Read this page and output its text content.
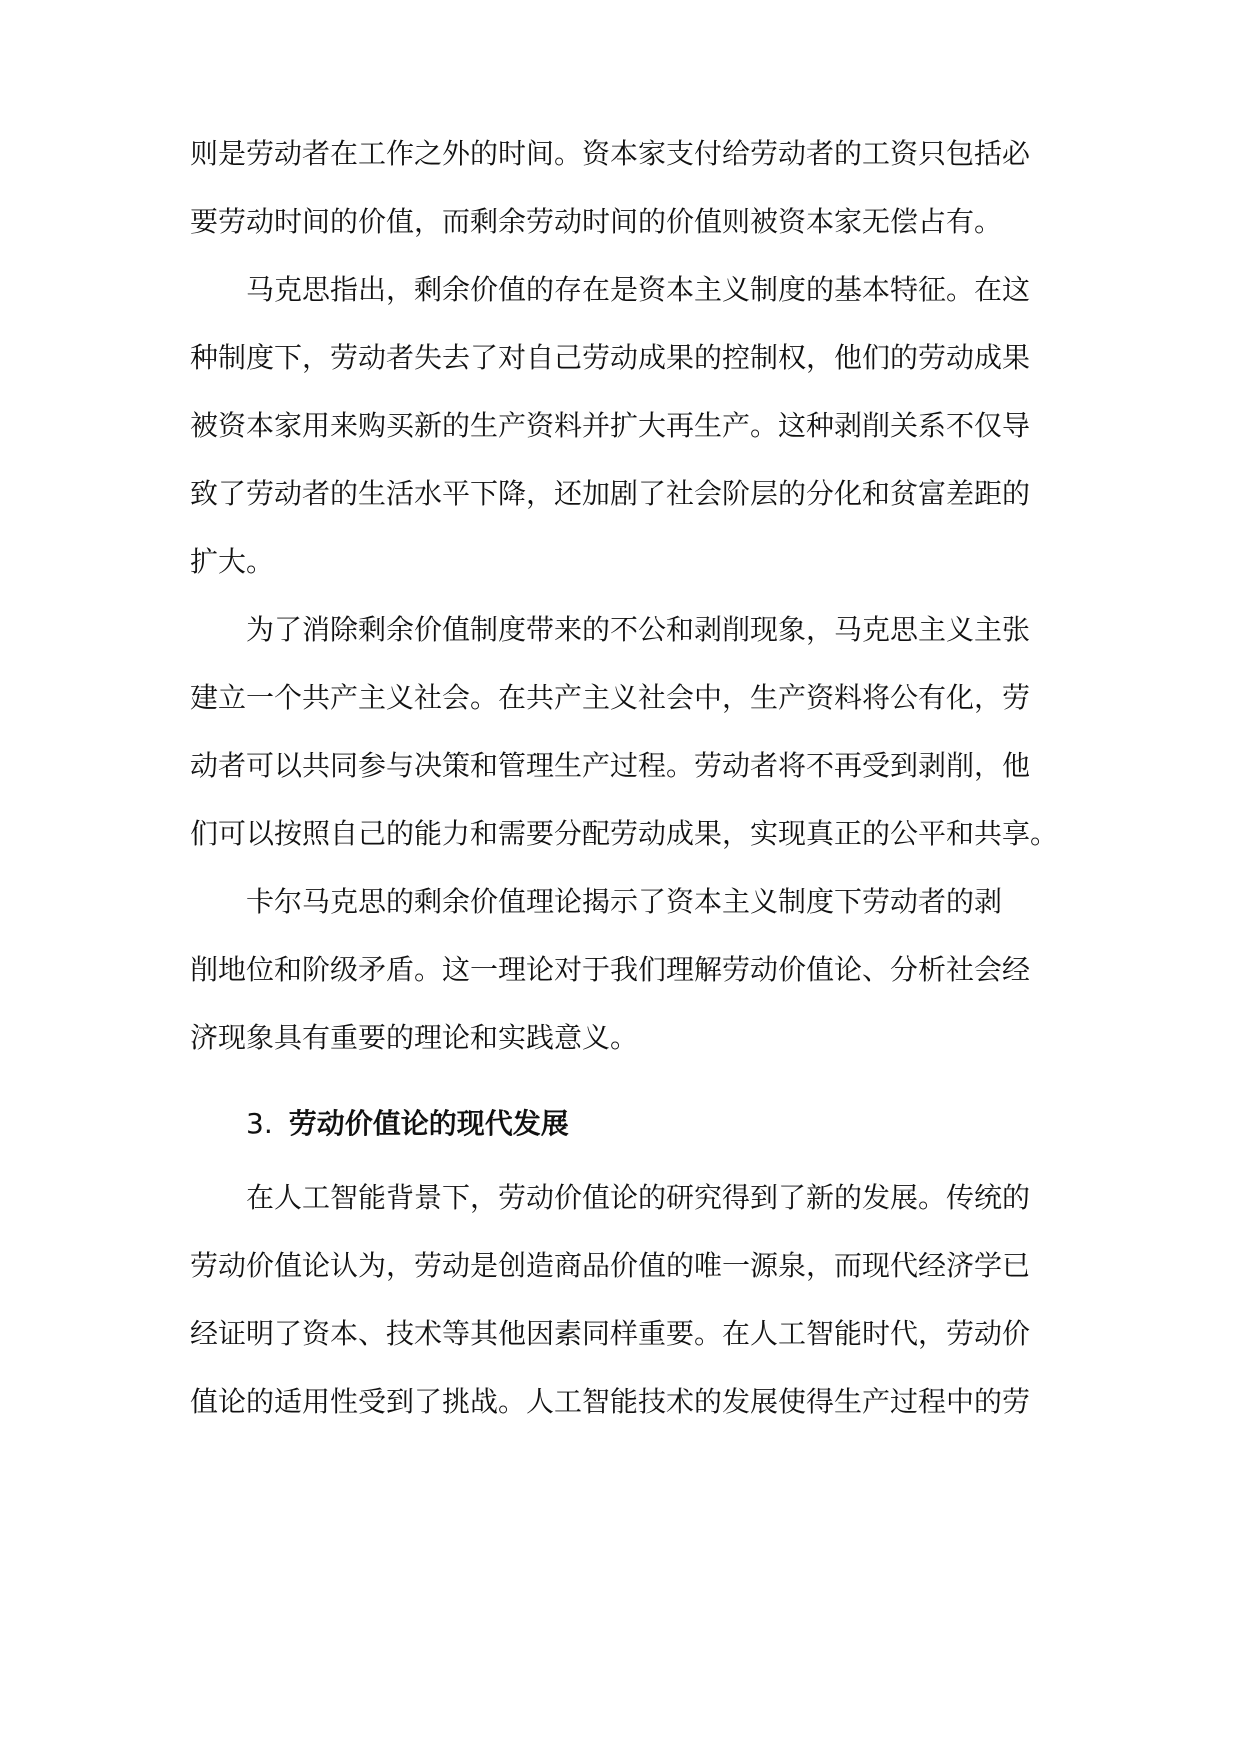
则是劳动者在工作之外的时间。资本家支付给劳动者的工资只包括必
要劳动时间的价值，而剩余劳动时间的价值则被资本家无偿占有。
马克思指出，剩余价值的存在是资本主义制度的基本特征。在这
种制度下，劳动者失去了对自己劳动成果的控制权，他们的劳动成果
被资本家用来购买新的生产资料并扩大再生产。这种剥削关系不仅导
致了劳动者的生活水平下降，还加剧了社会阶层的分化和贫富差距的
扩大。
为了消除剩余价值制度带来的不公和剥削现象，马克思主义主张
建立一个共产主义社会。在共产主义社会中，生产资料将公有化，劳
动者可以共同参与决策和管理生产过程。劳动者将不再受到剥削，他
们可以按照自己的能力和需要分配劳动成果，实现真正的公平和共享。
卡尔马克思的剩余价值理论揭示了资本主义制度下劳动者的剥
削地位和阶级矛盾。这一理论对于我们理解劳动价值论、分析社会经
济现象具有重要的理论和实践意义。
3. 劳动价值论的现代发展
在人工智能背景下，劳动价值论的研究得到了新的发展。传统的
劳动价值论认为，劳动是创造商品价值的唯一源泉，而现代经济学已
经证明了资本、技术等其他因素同样重要。在人工智能时代，劳动价
值论的适用性受到了挑战。人工智能技术的发展使得生产过程中的劳
